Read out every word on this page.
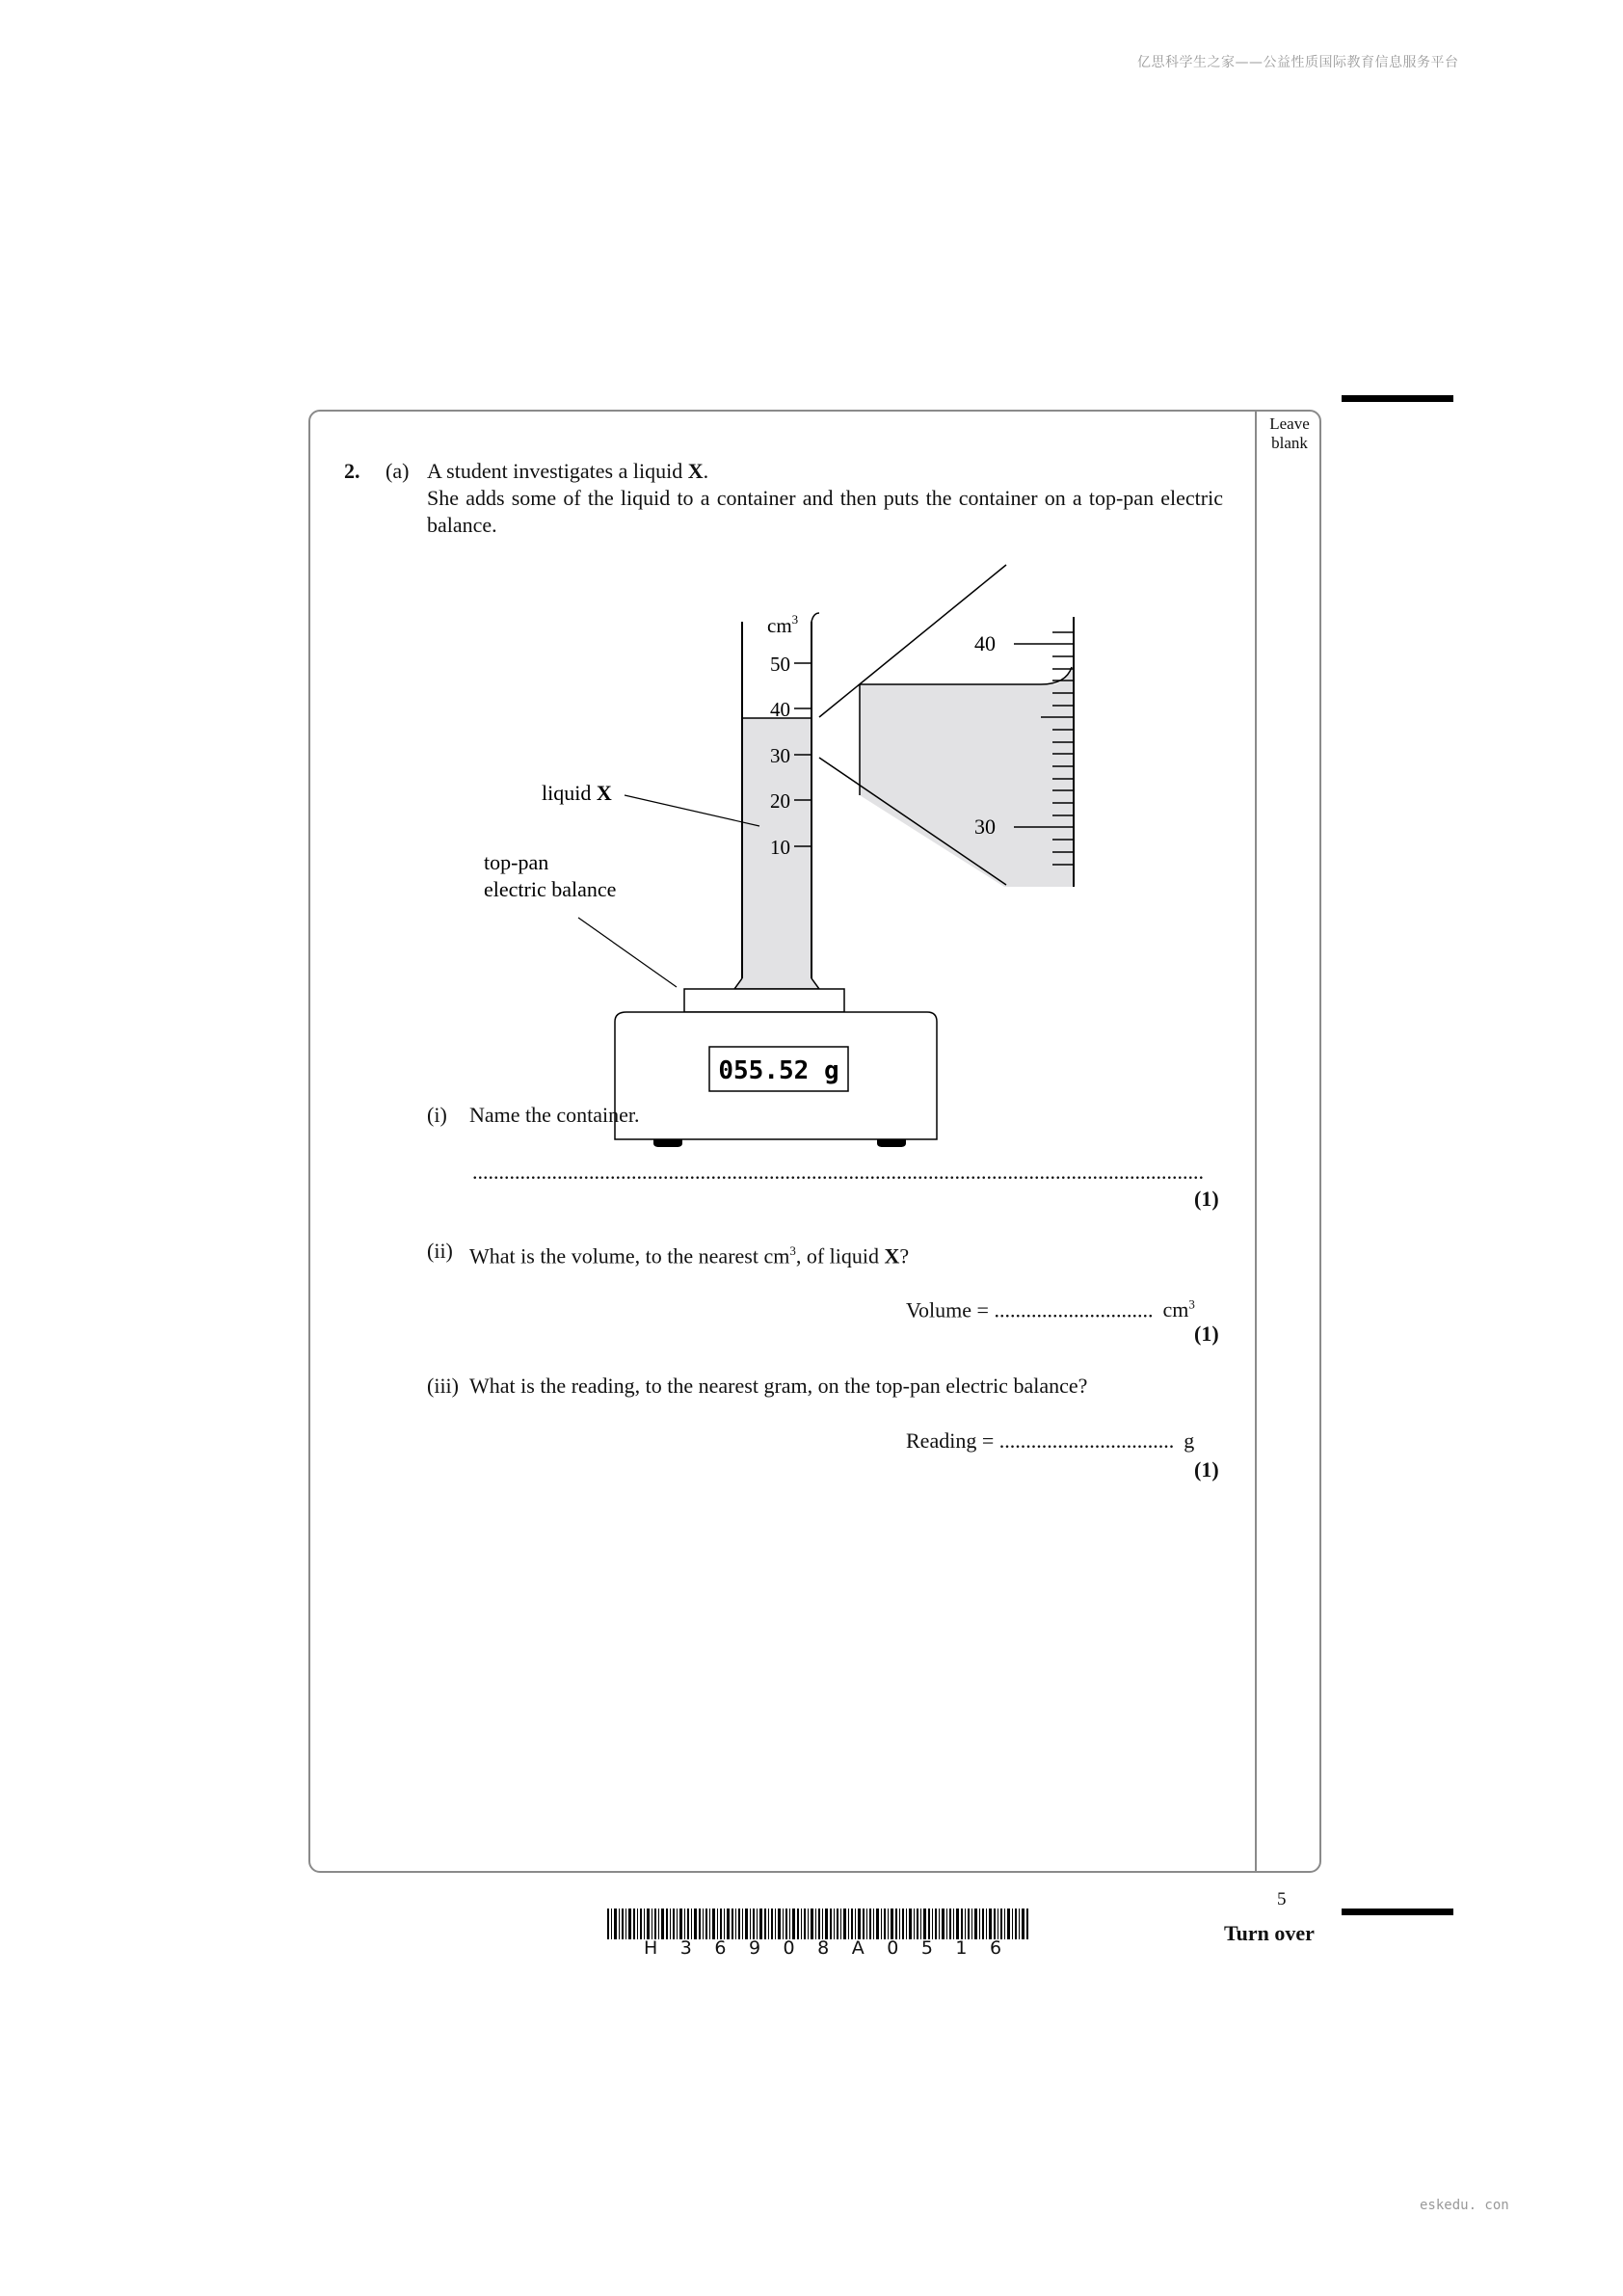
亿思科学生之家——公益性质国际教育信息服务平台
Leave
blank
2. (a) A student investigates a liquid X.
She adds some of the liquid to a container and then puts the container on a top-pan electric balance.
40
30
50
40
30
20
10
$cm^3$
055.52 g
liquid X
top-pan
electric balance
(i) Name the container.
..........................................................................................................................................
(1)
(ii) What is the volume, to the nearest $cm^3$, of liquid X?
Volume = .............................. $cm^3$
(1)
(iii) What is the reading, to the nearest gram, on the top-pan electric balance?
Reading = ................................. g
(1)
5
Turn over
H36908A0516
eskedu. con
